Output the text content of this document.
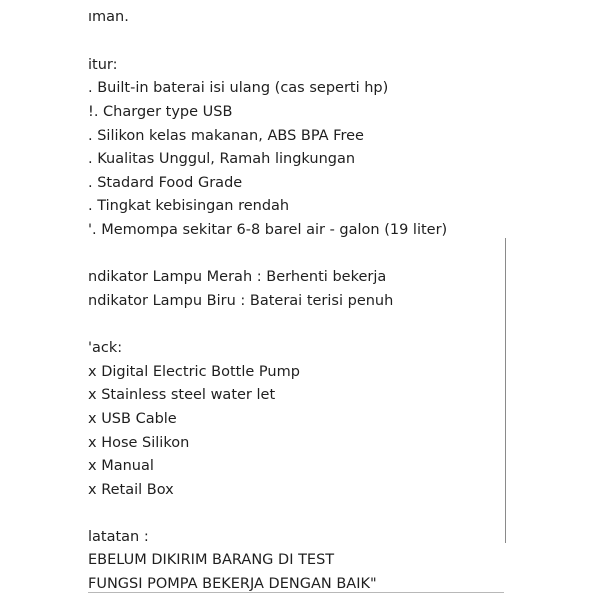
ıman.
itur:
. Built-in baterai isi ulang (cas seperti hp)
!. Charger type USB
. Silikon kelas makanan, ABS BPA Free
. Kualitas Unggul, Ramah lingkungan
. Stadard Food Grade
. Tingkat kebisingan rendah
'. Memompa sekitar 6-8 barel air - galon (19 liter)
ndikator Lampu Merah : Berhenti bekerja
ndikator Lampu Biru : Baterai terisi penuh
'ack:
x Digital Electric Bottle Pump
x Stainless steel water let
x USB Cable
x Hose Silikon
x Manual
x Retail Box
latatan :
EBELUM DIKIRIM BARANG DI TEST
FUNGSI POMPA BEKERJA DENGAN BAIK"
